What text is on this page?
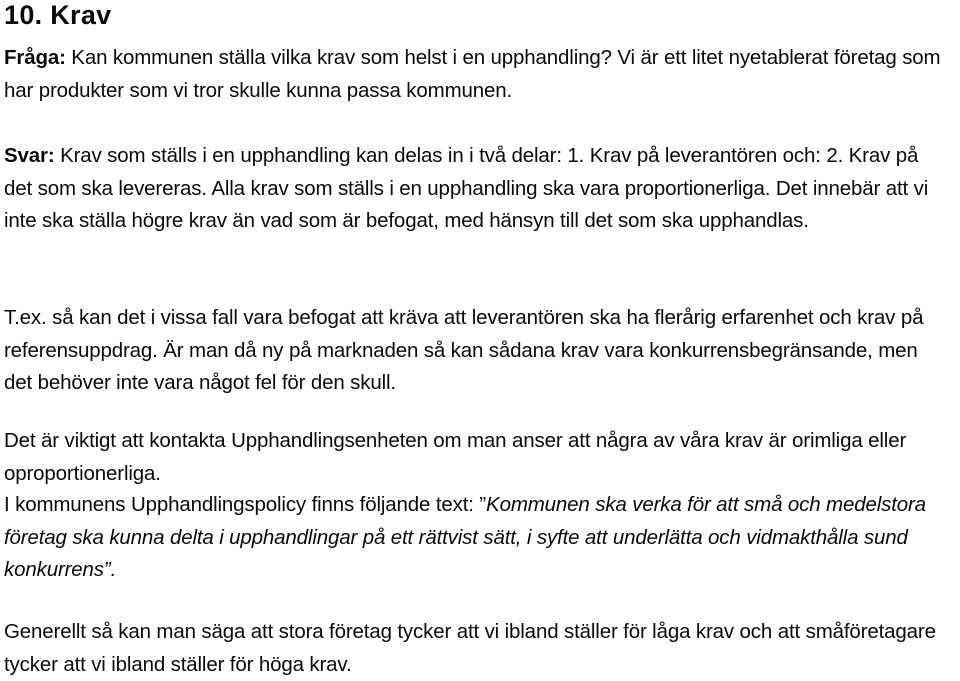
10. Krav

Fråga: Kan kommunen ställa vilka krav som helst i en upphandling? Vi är ett litet nyetablerat företag som har produkter som vi tror skulle kunna passa kommunen.

Svar: Krav som ställs i en upphandling kan delas in i två delar: 1. Krav på leverantören och: 2. Krav på det som ska levereras. Alla krav som ställs i en upphandling ska vara proportionerliga. Det innebär att vi inte ska ställa högre krav än vad som är befogat, med hänsyn till det som ska upphandlas.

T.ex. så kan det i vissa fall vara befogat att kräva att leverantören ska ha flerårig erfarenhet och krav på referensuppdrag. Är man då ny på marknaden så kan sådana krav vara konkurrensbegränsande, men det behöver inte vara något fel för den skull.

Det är viktigt att kontakta Upphandlingsenheten om man anser att några av våra krav är orimliga eller oproportionerliga.

I kommunens Upphandlingspolicy finns följande text: ”Kommunen ska verka för att små och medelstora företag ska kunna delta i upphandlingar på ett rättvist sätt, i syfte att underlätta och vidmakthålla sund konkurrens”.

Generellt så kan man säga att stora företag tycker att vi ibland ställer för låga krav och att småföretagare tycker att vi ibland ställer för höga krav.
